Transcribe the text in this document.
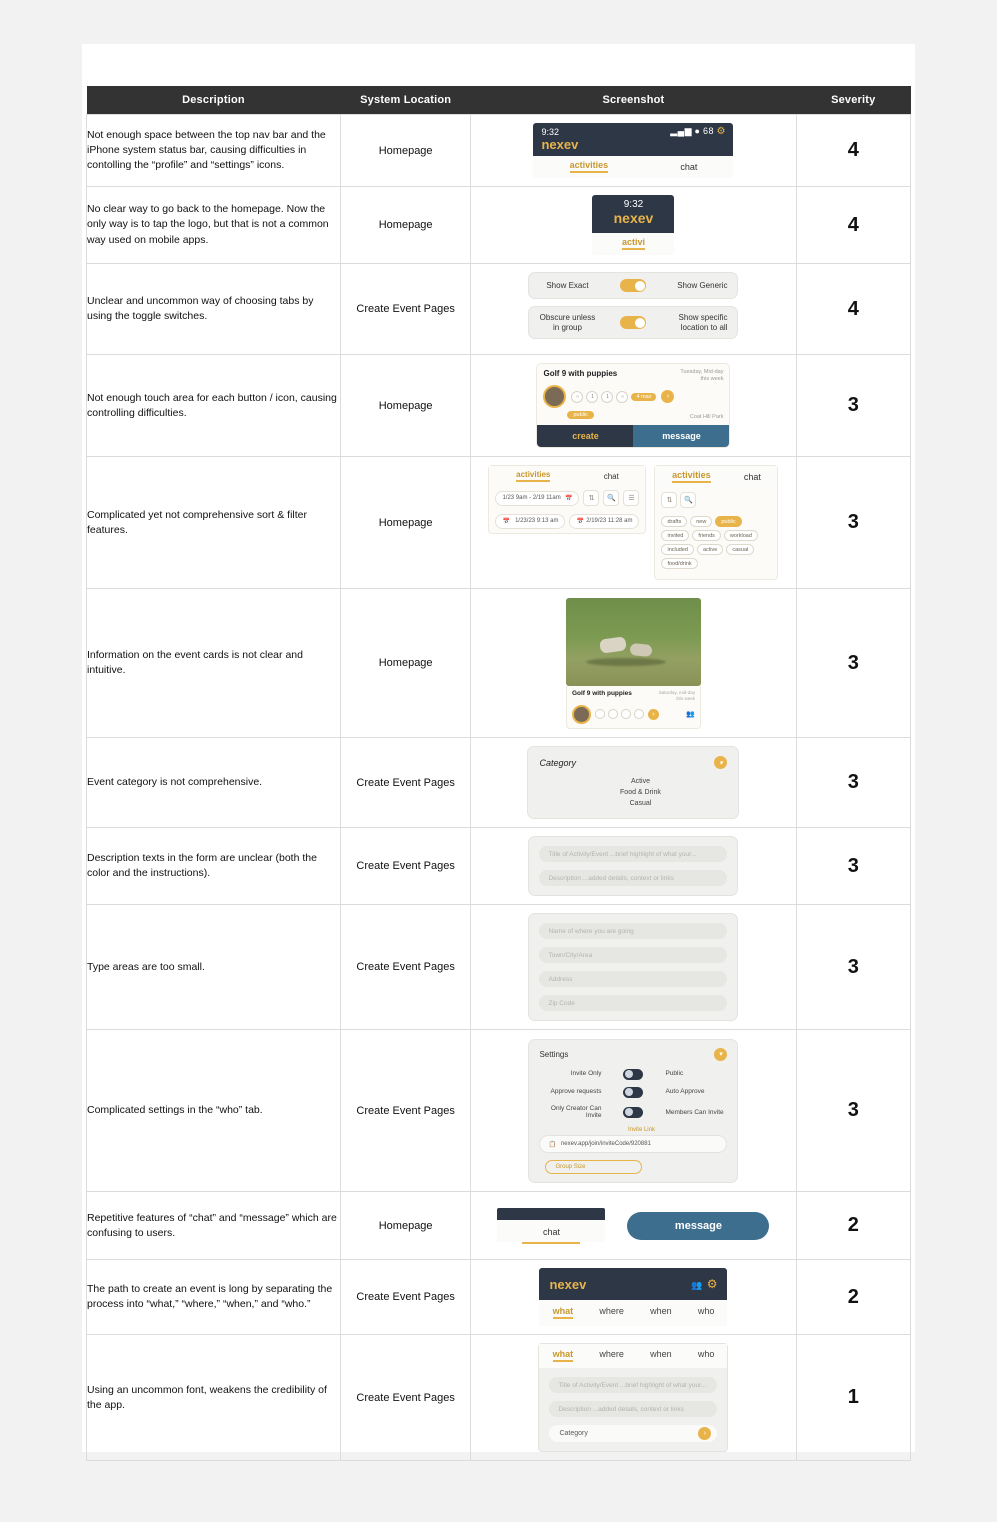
Description	System Location	Screenshot	Severity
Not enough space between the top nav bar and the iPhone system status bar, causing difficulties in contolling the “profile” and “settings” icons.	Homepage	9:32 ▂▄▆ ● 68 ⚙
nexev
activities chat	4
No clear way to go back to the homepage. Now the only way is to tap the logo, but that is not a common way used on mobile apps.	Homepage	9:32
nexev
activi	4
Unclear and uncommon way of choosing tabs by using the toggle switches.	Create Event Pages	Show Exact Show Generic
Obscure unless in group
Show specific location to all	4
Not enough touch area for each button / icon, causing controlling difficulties.	Homepage	
Golf 9 with puppies	Tuesday, Mid-day
this week
○	1	1	○	4 max	›
public	Coat Hill Park
create	message
	3
Complicated yet not comprehensive sort & filter features.	Homepage	
activities	chat
1/23 9am - 2/19 11am 📅	⇅	🔍	☰
📅 1/23/23 9:13 am	📅 2/19/23 11:28 am
activities	chat
⇅	🔍
drafts	new	public
invited	friends	workload
included	active	casual
food/drink
	3
Information on the event cards is not clear and intuitive.	Homepage	Golf 9 with puppies Saturday, mid-day
this week
› 👥	3
Event category is not comprehensive.	Create Event Pages	Category ▾
Active
Food & Drink
Casual	3
Description texts in the form are unclear (both the color and the instructions).	Create Event Pages	Title of Activity/Event ...brief highlight of what your...
Description ...added details, context or links	3
Type areas are too small.	Create Event Pages	Name of where you are going
Town/City/Area
Address
Zip Code	3
Complicated settings in the “who” tab.	Create Event Pages	
Settings	▾
Invite Only	Public
Approve requests	Auto Approve
Only Creator Can Invite
Members Can Invite
Invite Link
📋 nexev.app/join/inviteCode/920881
Group Size
	3
Repetitive features of “chat” and “message” which are confusing to users.	Homepage	chat message	2
The path to create an event is long by separating the process into “what,” “where,” “when,” and “who.”	Create Event Pages	
nexev	👥 ⚙
what	where	when	who
	2
Using an uncommon font, weakens the credibility of the app.	Create Event Pages	
what	where	when	who
Title of Activity/Event ...brief highlight of what your...
Description ...added details, context or links
Category	›
	1
